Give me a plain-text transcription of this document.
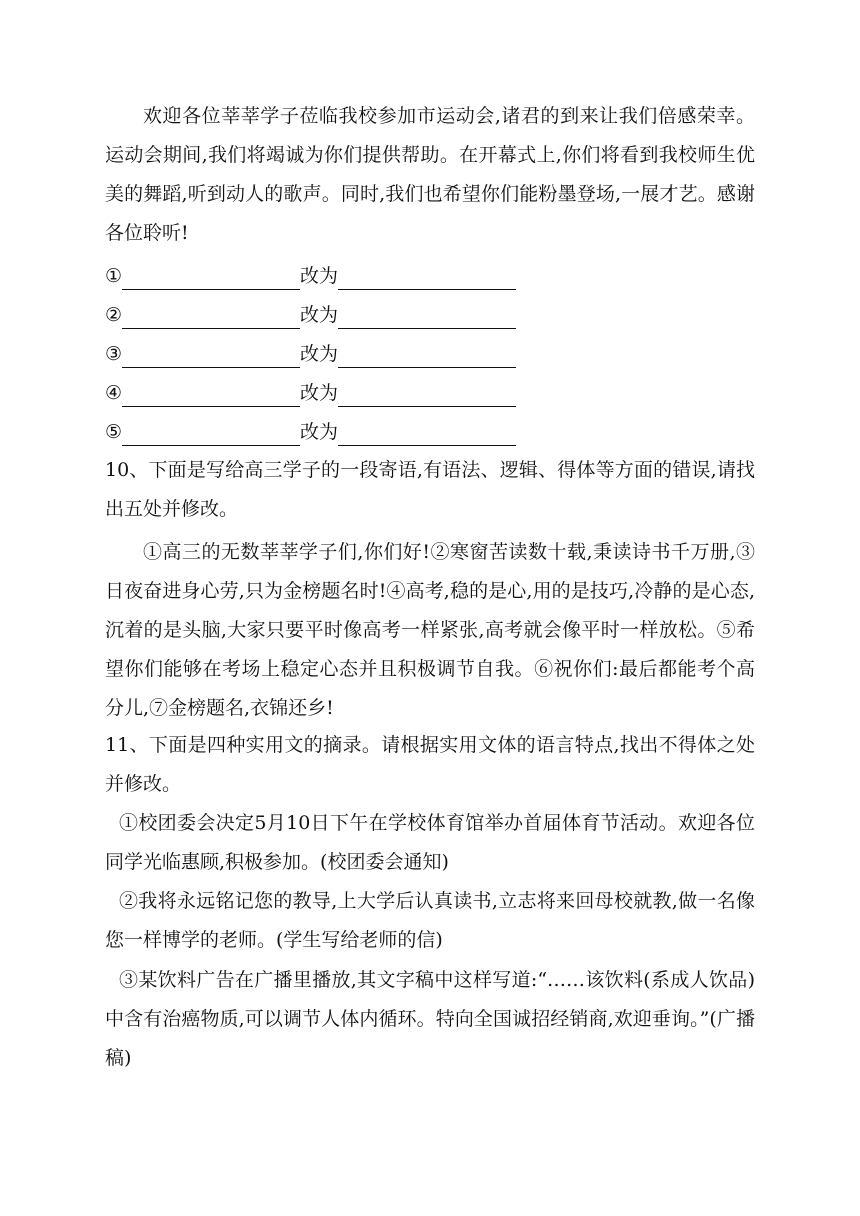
欢迎各位莘莘学子莅临我校参加市运动会,诸君的到来让我们倍感荣幸。运动会期间,我们将竭诚为你们提供帮助。在开幕式上,你们将看到我校师生优美的舞蹈,听到动人的歌声。同时,我们也希望你们能粉墨登场,一展才艺。感谢各位聆听!

①	改为
②	改为
③	改为
④	改为
⑤	改为

10、下面是写给高三学子的一段寄语,有语法、逻辑、得体等方面的错误,请找出五处并修改。

①高三的无数莘莘学子们,你们好!②寒窗苦读数十载,秉读诗书千万册,③日夜奋进身心劳,只为金榜题名时!④高考,稳的是心,用的是技巧,冷静的是心态,沉着的是头脑,大家只要平时像高考一样紧张,高考就会像平时一样放松。⑤希望你们能够在考场上稳定心态并且积极调节自我。⑥祝你们:最后都能考个高分儿,⑦金榜题名,衣锦还乡!

11、下面是四种实用文的摘录。请根据实用文体的语言特点,找出不得体之处并修改。

①校团委会决定5月10日下午在学校体育馆举办首届体育节活动。欢迎各位同学光临惠顾,积极参加。(校团委会通知)

②我将永远铭记您的教导,上大学后认真读书,立志将来回母校就教,做一名像您一样博学的老师。(学生写给老师的信)

③某饮料广告在广播里播放,其文字稿中这样写道:“……该饮料(系成人饮品)中含有治癌物质,可以调节人体内循环。特向全国诚招经销商,欢迎垂询。”(广播稿)
